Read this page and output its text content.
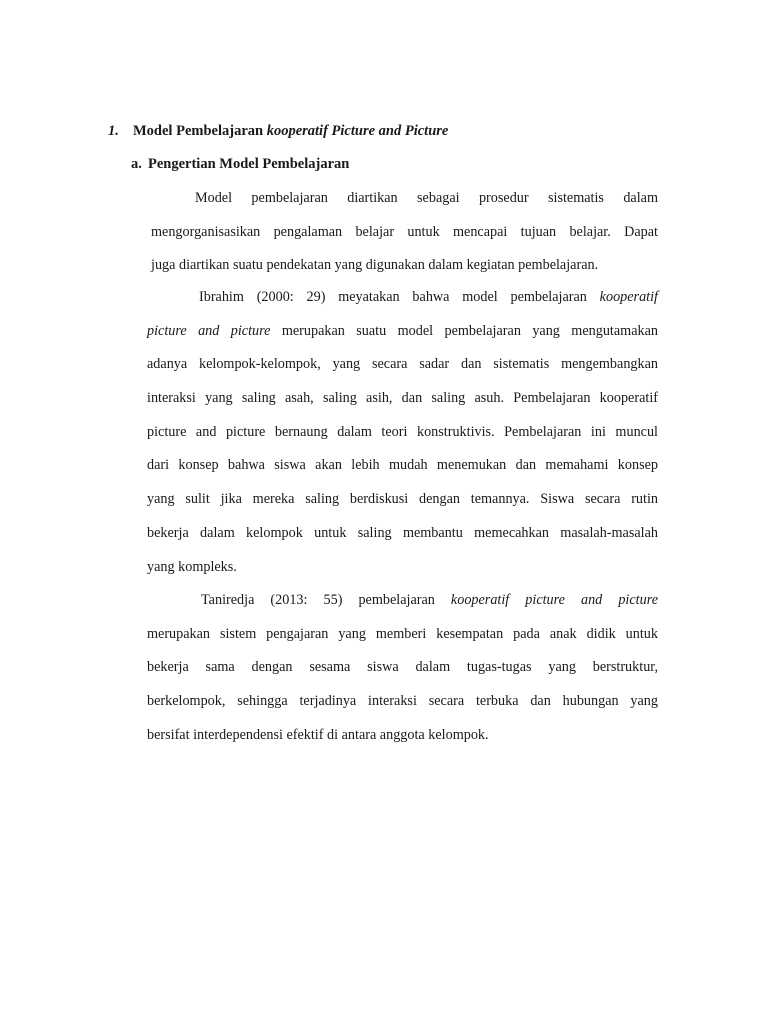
1. Model Pembelajaran kooperatif Picture and Picture
a. Pengertian Model Pembelajaran
Model pembelajaran diartikan sebagai prosedur sistematis dalam
mengorganisasikan pengalaman belajar untuk mencapai tujuan belajar. Dapat
juga diartikan suatu pendekatan yang digunakan dalam kegiatan pembelajaran.
Ibrahim (2000: 29) meyatakan bahwa model pembelajaran kooperatif
picture and picture merupakan suatu model pembelajaran yang mengutamakan
adanya kelompok-kelompok, yang secara sadar dan sistematis mengembangkan
interaksi yang saling asah, saling asih, dan saling asuh. Pembelajaran kooperatif
picture and picture bernaung dalam teori konstruktivis. Pembelajaran ini muncul
dari konsep bahwa siswa akan lebih mudah menemukan dan memahami konsep
yang sulit jika mereka saling berdiskusi dengan temannya. Siswa secara rutin
bekerja dalam kelompok untuk saling membantu memecahkan masalah-masalah
yang kompleks.
Taniredja (2013: 55) pembelajaran kooperatif picture and picture
merupakan sistem pengajaran yang memberi kesempatan pada anak didik untuk
bekerja sama dengan sesama siswa dalam tugas-tugas yang berstruktur,
berkelompok, sehingga terjadinya interaksi secara terbuka dan hubungan yang
bersifat interdependensi efektif di antara anggota kelompok.
